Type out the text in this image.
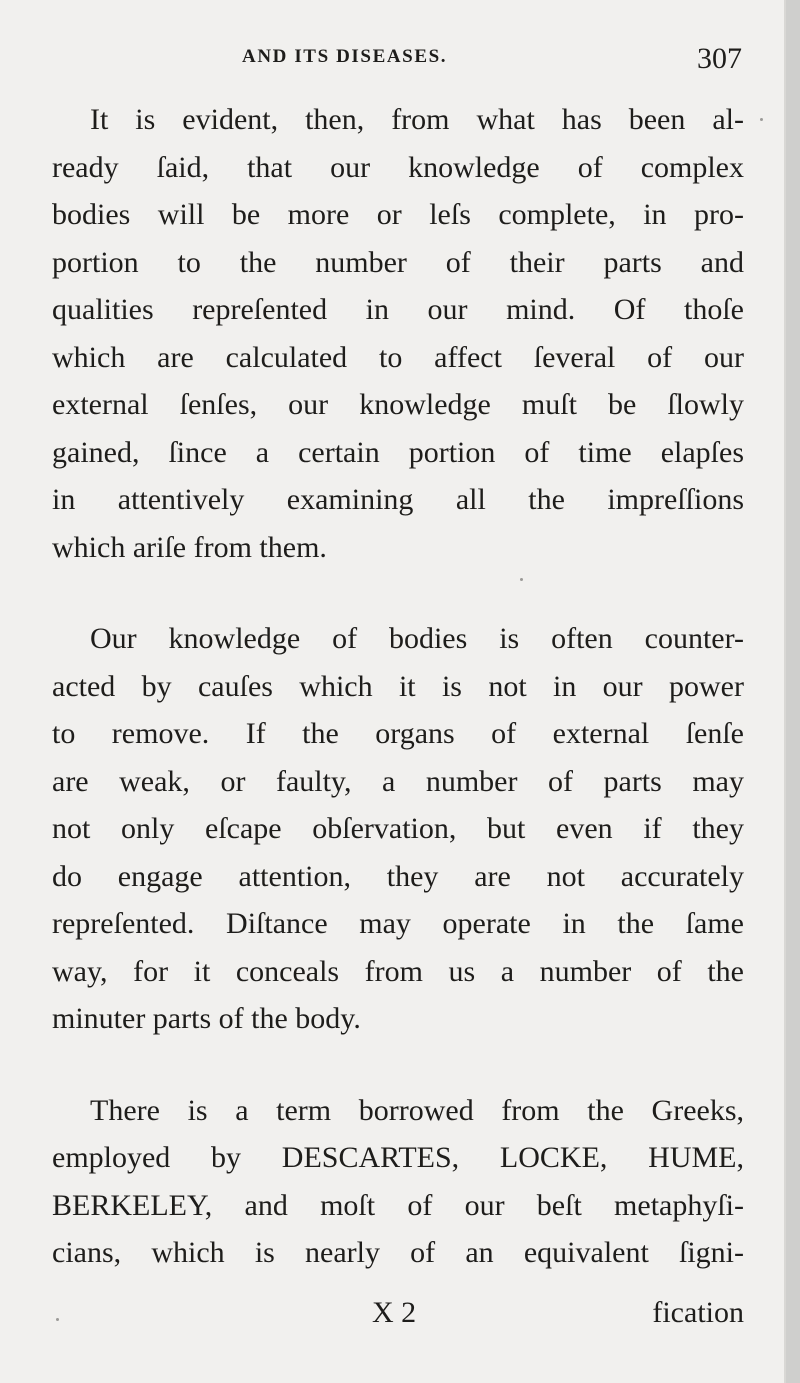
AND ITS DISEASES.	307

It is evident, then, from what has been al-
ready ſaid, that our knowledge of complex
bodies will be more or leſs complete, in pro-
portion to the number of their parts and
qualities repreſented in our mind. Of thoſe
which are calculated to affect ſeveral of our
external ſenſes, our knowledge muſt be ſlowly
gained, ſince a certain portion of time elapſes
in attentively examining all the impreſſions
which ariſe from them.

Our knowledge of bodies is often counter-
acted by cauſes which it is not in our power
to remove. If the organs of external ſenſe
are weak, or faulty, a number of parts may
not only eſcape obſervation, but even if they
do engage attention, they are not accurately
repreſented. Diſtance may operate in the ſame
way, for it conceals from us a number of the
minuter parts of the body.

There is a term borrowed from the Greeks,
employed by DESCARTES, LOCKE, HUME,
BERKELEY, and moſt of our beſt metaphyſi-
cians, which is nearly of an equivalent ſigni-

X 2	fication
